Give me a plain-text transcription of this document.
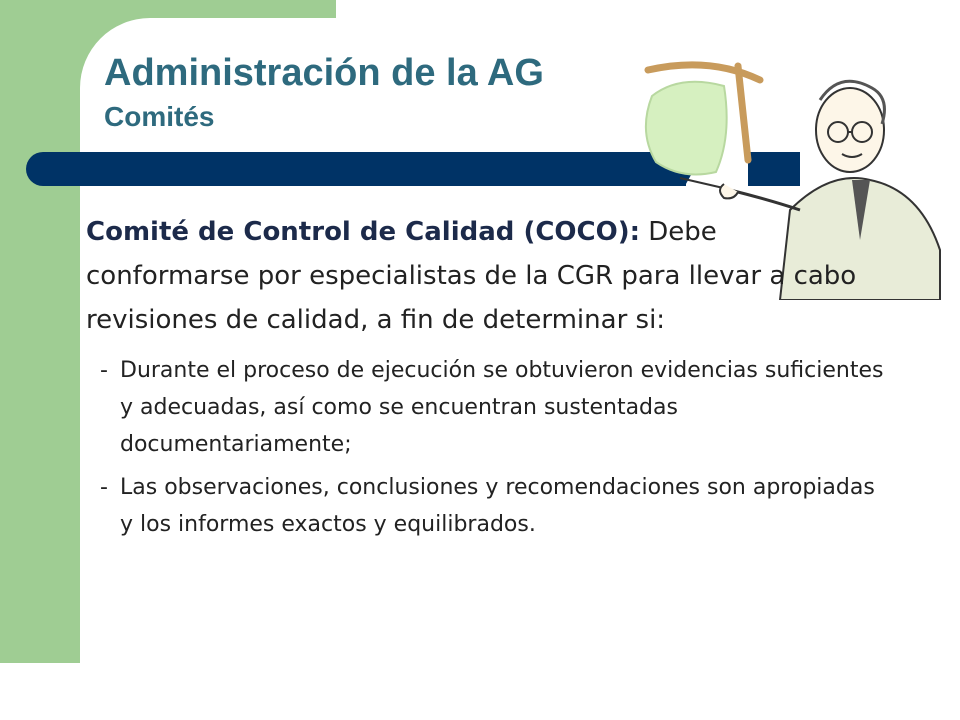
Administración de la AG
Comités

Comité de Control de Calidad (COCO): Debe conformarse por especialistas de la CGR para llevar a cabo revisiones de calidad, a fin de determinar si:

- Durante el proceso de ejecución se obtuvieron evidencias suficientes y adecuadas, así como se encuentran sustentadas documentariamente;
- Las observaciones, conclusiones y recomendaciones son apropiadas y los informes exactos y equilibrados.
